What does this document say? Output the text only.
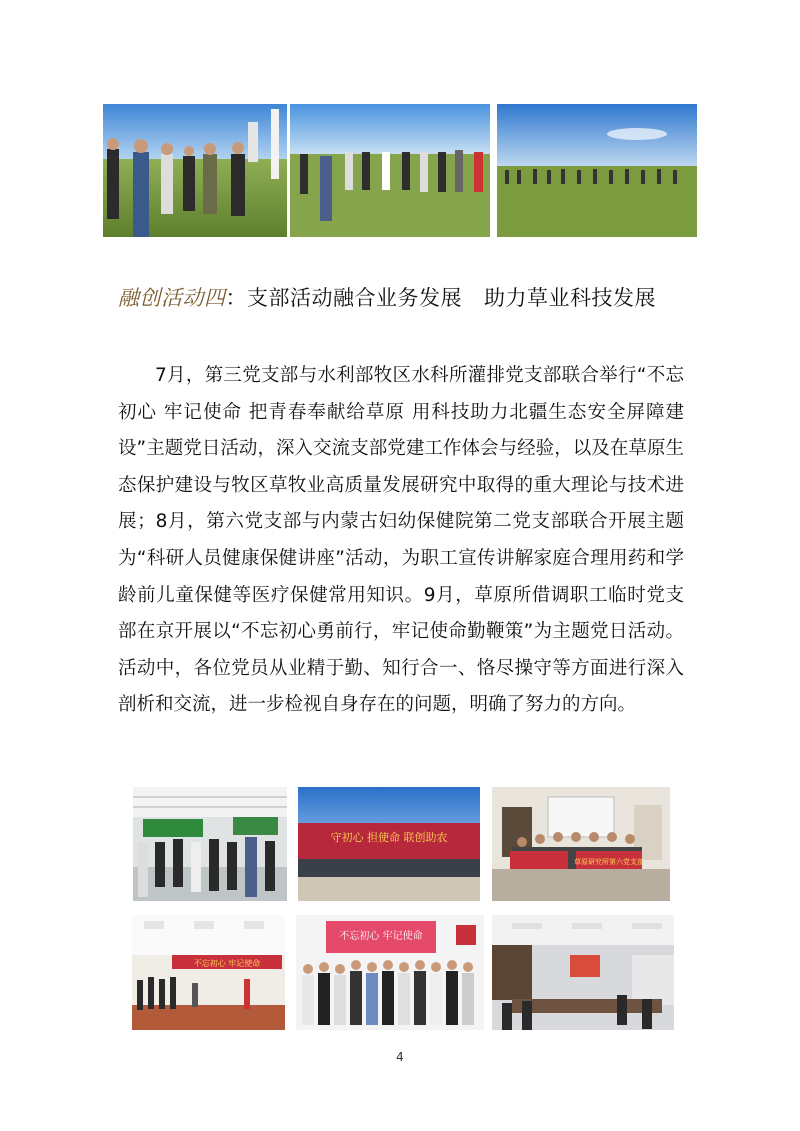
融创活动四：支部活动融合业务发展 助力草业科技发展

7月，第三党支部与水利部牧区水科所灌排党支部联合举行“不忘初心 牢记使命 把青春奉献给草原 用科技助力北疆生态安全屏障建设”主题党日活动，深入交流支部党建工作体会与经验，以及在草原生态保护建设与牧区草牧业高质量发展研究中取得的重大理论与技术进展；8月，第六党支部与内蒙古妇幼保健院第二党支部联合开展主题为“科研人员健康保健讲座”活动，为职工宣传讲解家庭合理用药和学龄前儿童保健等医疗保健常用知识。9月，草原所借调职工临时党支部在京开展以“不忘初心勇前行，牢记使命勤鞭策”为主题党日活动。活动中，各位党员从业精于勤、知行合一、恪尽操守等方面进行深入剖析和交流，进一步检视自身存在的问题，明确了努力的方向。

守初心 担使命 联创助农
草原研究所第六党支部
不忘初心 牢记使命
不忘初心 牢记使命
4
